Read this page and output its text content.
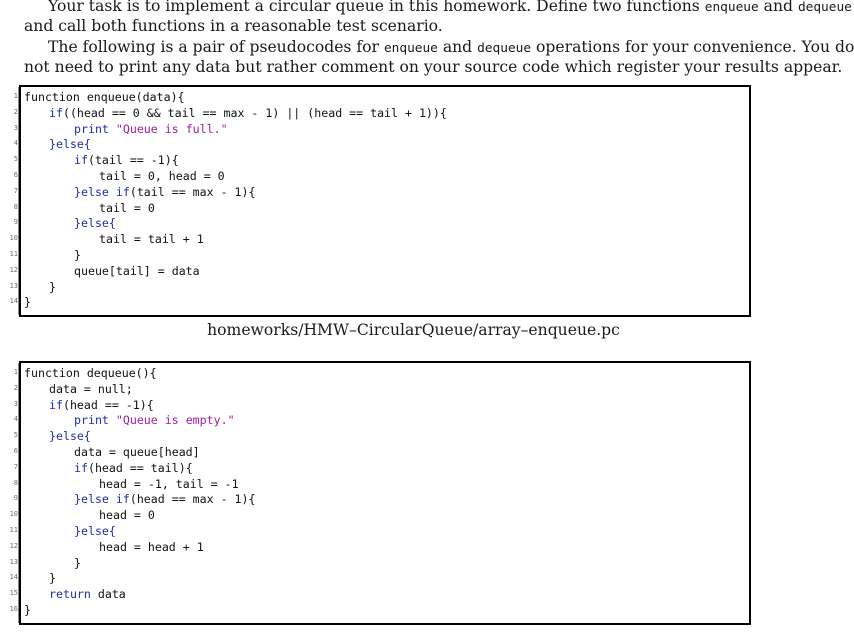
Your task is to implement a circular queue in this homework. Define two functions enqueue and dequeue
and call both functions in a reasonable test scenario.
The following is a pair of pseudocodes for enqueue and dequeue operations for your convenience. You do
not need to print any data but rather comment on your source code which register your results appear.
1 function enqueue(data){
2	if((head == 0 && tail == max - 1) || (head == tail + 1)){
3	print "Queue is full."
4	}else{
5	if(tail == -1){
6	tail = 0, head = 0
7	}else if(tail == max - 1){
8	tail = 0
9	}else{
10	tail = tail + 1
11	}
12	queue[tail] = data
13	}
14 }
homeworks/HMW–CircularQueue/array–enqueue.pc
1 function dequeue(){
2	data = null;
3	if(head == -1){
4	print "Queue is empty."
5	}else{
6	data = queue[head]
7	if(head == tail){
8	head = -1, tail = -1
9	}else if(head == max - 1){
10	head = 0
11	}else{
12	head = head + 1
13	}
14	}
15	return data
16 }
